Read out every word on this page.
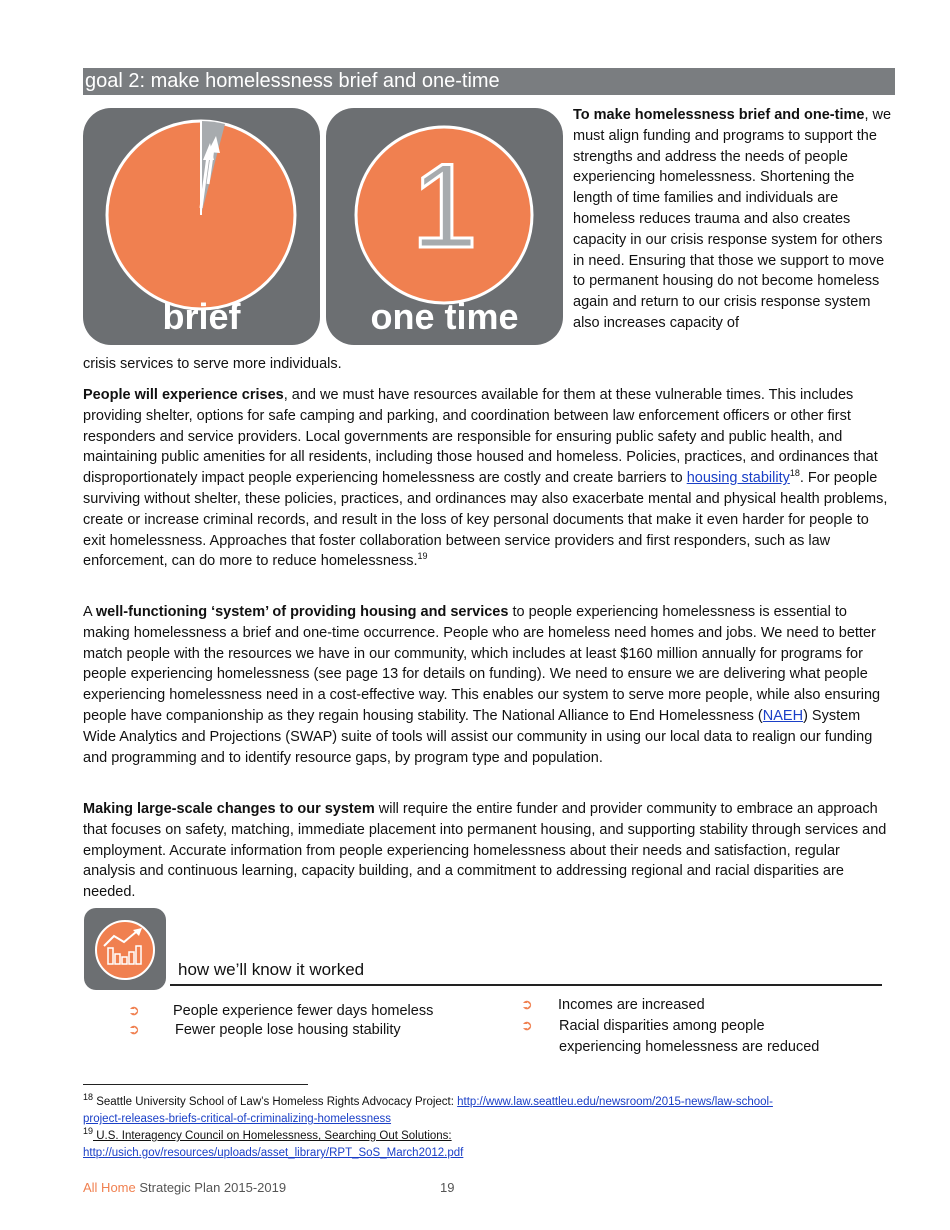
goal 2: make homelessness brief and one-time
brief
1
one time
To make homelessness brief and one-time, we must align funding and programs to support the strengths and address the needs of people experiencing homelessness. Shortening the length of time families and individuals are homeless reduces trauma and also creates capacity in our crisis response system for others in need. Ensuring that those we support to move to permanent housing do not become homeless again and return to our crisis response system also increases capacity of

crisis services to serve more individuals.

People will experience crises, and we must have resources available for them at these vulnerable times. This includes providing shelter, options for safe camping and parking, and coordination between law enforcement officers or other first responders and service providers. Local governments are responsible for ensuring public safety and public health, and maintaining public amenities for all residents, including those housed and homeless. Policies, practices, and ordinances that disproportionately impact people experiencing homelessness are costly and create barriers to housing stability$^{18}$. For people surviving without shelter, these policies, practices, and ordinances may also exacerbate mental and physical health problems, create or increase criminal records, and result in the loss of key personal documents that make it even harder for people to exit homelessness. Approaches that foster collaboration between service providers and first responders, such as law enforcement, can do more to reduce homelessness.$^{19}$

A well-functioning ‘system’ of providing housing and services to people experiencing homelessness is essential to making homelessness a brief and one-time occurrence. People who are homeless need homes and jobs. We need to better match people with the resources we have in our community, which includes at least $160 million annually for programs for people experiencing homelessness (see page 13 for details on funding). We need to ensure we are delivering what people experiencing homelessness need in a cost-effective way. This enables our system to serve more people, while also ensuring people have companionship as they regain housing stability. The National Alliance to End Homelessness (NAEH) System Wide Analytics and Projections (SWAP) suite of tools will assist our community in using our local data to realign our funding and programming and to identify resource gaps, by program type and population.

Making large-scale changes to our system will require the entire funder and provider community to embrace an approach that focuses on safety, matching, immediate placement into permanent housing, and supporting stability through services and employment. Accurate information from people experiencing homelessness about their needs and satisfaction, regular analysis and continuous learning, capacity building, and a commitment to addressing regional and racial disparities are needed.

how we’ll know it worked
➲ People experience fewer days homeless
➲ Fewer people lose housing stability
➲ Incomes are increased
➲ Racial disparities among people
experiencing homelessness are reduced
$^{18}$ Seattle University School of Law’s Homeless Rights Advocacy Project: http://www.law.seattleu.edu/newsroom/2015-news/law-school-
project-releases-briefs-critical-of-criminalizing-homelessness
$^{19}$ U.S. Interagency Council on Homelessness, Searching Out Solutions:
http://usich.gov/resources/uploads/asset_library/RPT_SoS_March2012.pdf
All Home Strategic Plan 2015-2019	19
